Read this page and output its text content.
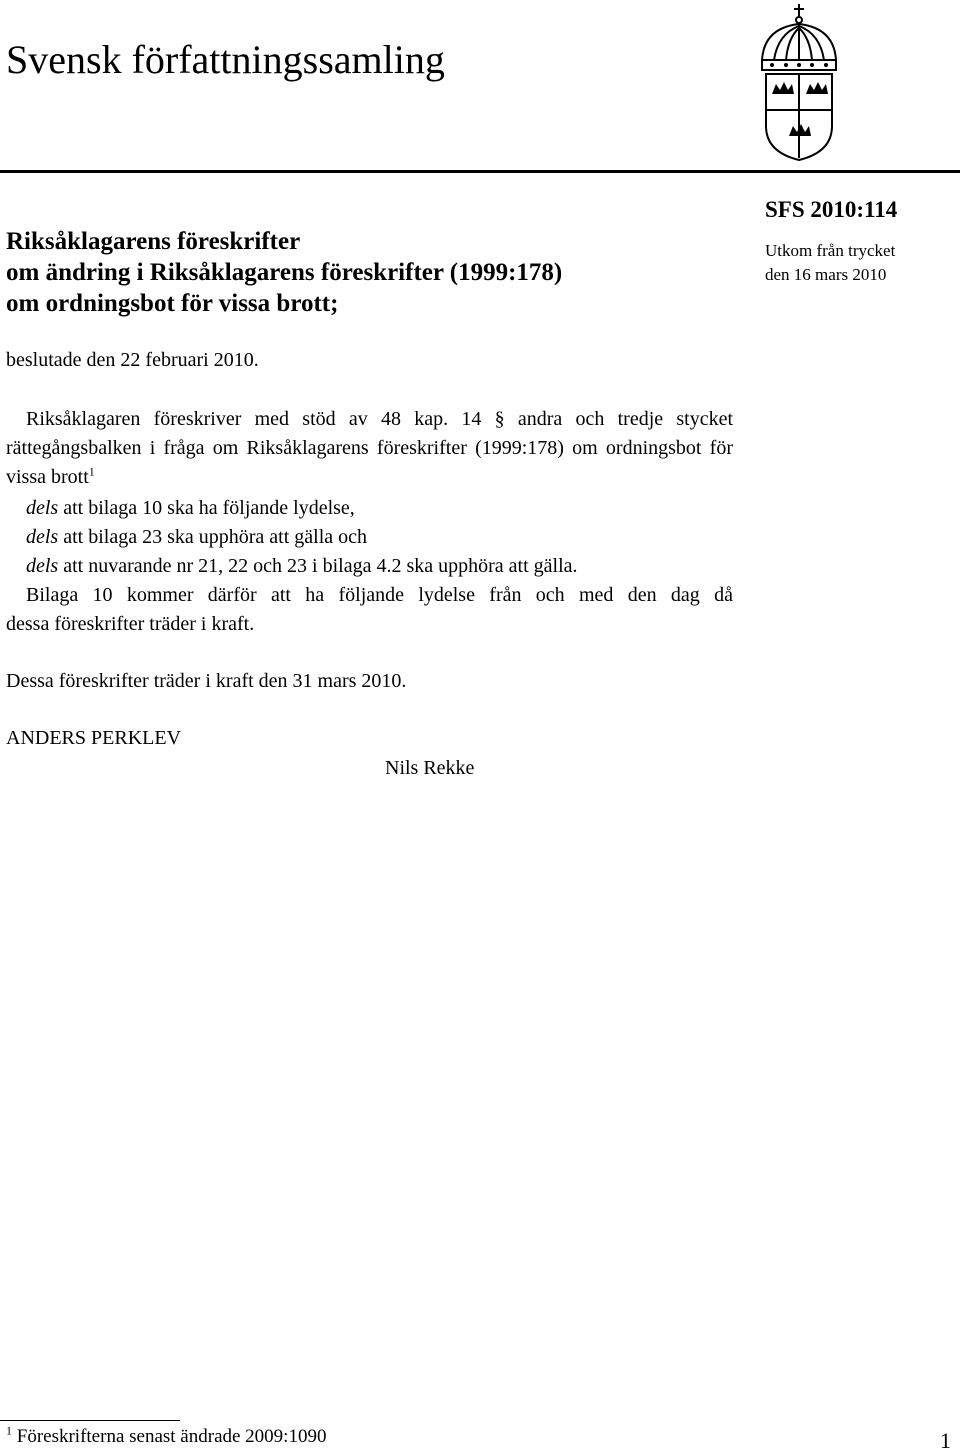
Svensk författningssamling
Riksåklagarens föreskrifter
om ändring i Riksåklagarens föreskrifter (1999:178)
om ordningsbot för vissa brott;
SFS 2010:114
Utkom från trycket
den 16 mars 2010
beslutade den 22 februari 2010.

Riksåklagaren föreskriver med stöd av 48 kap. 14 § andra och tredje stycket rättegångsbalken i fråga om Riksåklagarens föreskrifter (1999:178) om ordningsbot för vissa brott$^1$

dels att bilaga 10 ska ha följande lydelse,
dels att bilaga 23 ska upphöra att gälla och
dels att nuvarande nr 21, 22 och 23 i bilaga 4.2 ska upphöra att gälla.
Bilaga 10 kommer därför att ha följande lydelse från och med den dag då
dessa föreskrifter träder i kraft.
Dessa föreskrifter träder i kraft den 31 mars 2010.
ANDERS PERKLEV
Nils Rekke
$^1$ Föreskrifterna senast ändrade 2009:1090	1
